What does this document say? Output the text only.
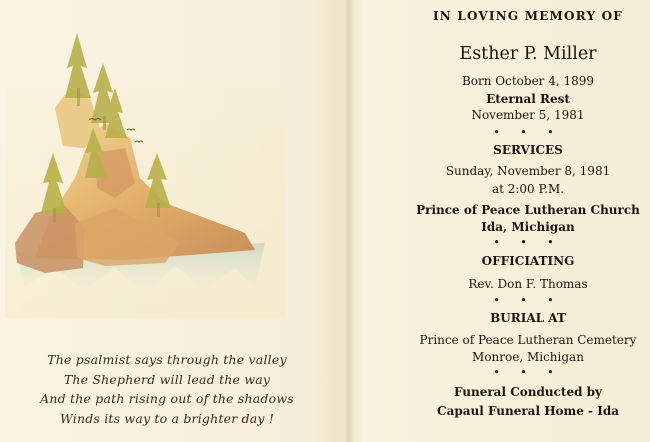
The psalmist says through the valley
The Shepherd will lead the way
And the path rising out of the shadows
Winds its way to a brighter day !
IN LOVING MEMORY OF
Esther P. Miller
Born October 4, 1899
Eternal Rest
November 5, 1981
• • •
SERVICES
Sunday, November 8, 1981
at 2:00 P.M.
Prince of Peace Lutheran Church
Ida, Michigan
• • •
OFFICIATING
Rev. Don F. Thomas
• • •
BURIAL AT
Prince of Peace Lutheran Cemetery
Monroe, Michigan
• • •
Funeral Conducted by
Capaul Funeral Home - Ida
